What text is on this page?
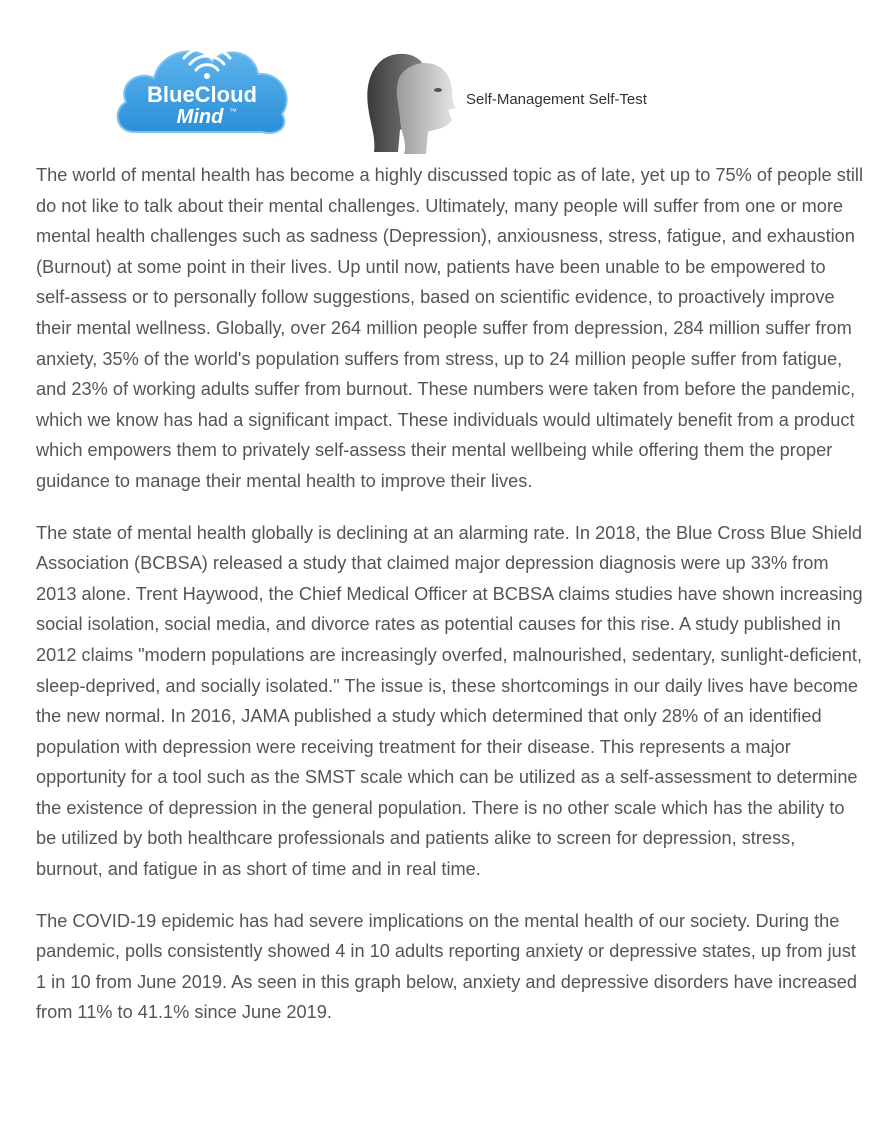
BlueCloud
Mind ™
Self-Management Self-Test

The world of mental health has become a highly discussed topic as of late, yet up to 75% of people still do not like to talk about their mental challenges. Ultimately, many people will suffer from one or more mental health challenges such as sadness (Depression), anxiousness, stress, fatigue, and exhaustion (Burnout) at some point in their lives. Up until now, patients have been unable to be empowered to self-assess or to personally follow suggestions, based on scientific evidence, to proactively improve their mental wellness. Globally, over 264 million people suffer from depression, 284 million suffer from anxiety, 35% of the world's population suffers from stress, up to 24 million people suffer from fatigue, and 23% of working adults suffer from burnout. These numbers were taken from before the pandemic, which we know has had a significant impact. These individuals would ultimately benefit from a product which empowers them to privately self-assess their mental wellbeing while offering them the proper guidance to manage their mental health to improve their lives.

The state of mental health globally is declining at an alarming rate. In 2018, the Blue Cross Blue Shield Association (BCBSA) released a study that claimed major depression diagnosis were up 33% from 2013 alone. Trent Haywood, the Chief Medical Officer at BCBSA claims studies have shown increasing social isolation, social media, and divorce rates as potential causes for this rise. A study published in 2012 claims "modern populations are increasingly overfed, malnourished, sedentary, sunlight-deficient, sleep-deprived, and socially isolated." The issue is, these shortcomings in our daily lives have become the new normal. In 2016, JAMA published a study which determined that only 28% of an identified population with depression were receiving treatment for their disease. This represents a major opportunity for a tool such as the SMST scale which can be utilized as a self-assessment to determine the existence of depression in the general population. There is no other scale which has the ability to be utilized by both healthcare professionals and patients alike to screen for depression, stress, burnout, and fatigue in as short of time and in real time.

The COVID-19 epidemic has had severe implications on the mental health of our society. During the pandemic, polls consistently showed 4 in 10 adults reporting anxiety or depressive states, up from just 1 in 10 from June 2019. As seen in this graph below, anxiety and depressive disorders have increased from 11% to 41.1% since June 2019.
